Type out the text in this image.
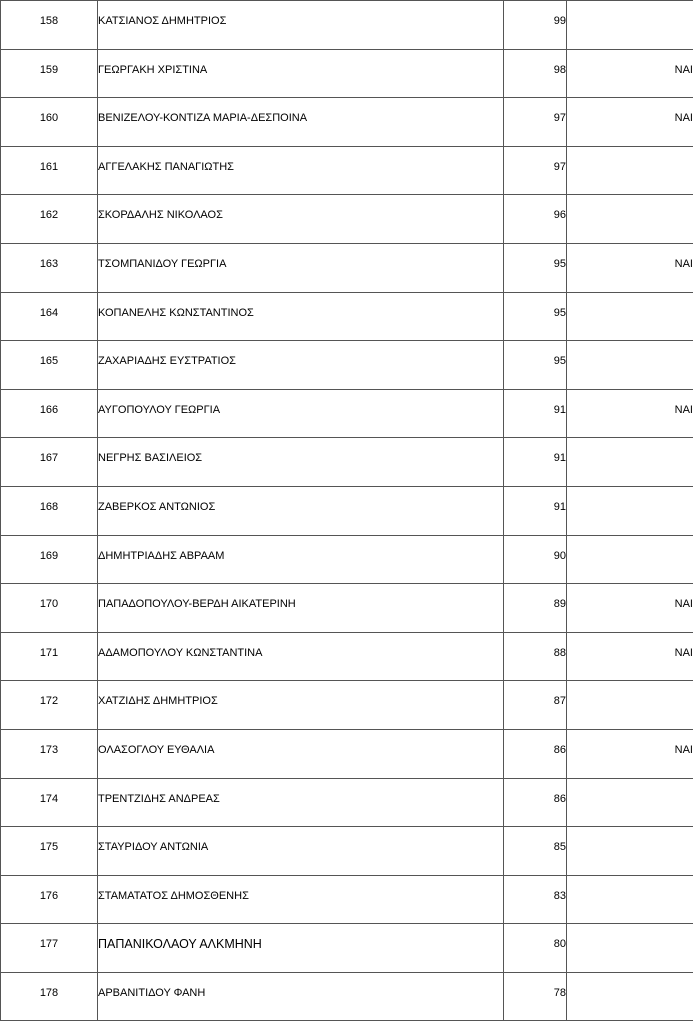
158	ΚΑΤΣΙΑΝΟΣ ΔΗΜΗΤΡΙΟΣ	99	

159	ΓΕΩΡΓΑΚΗ ΧΡΙΣΤΙΝΑ	98	ΝΑΙ

160	ΒΕΝΙΖΕΛΟΥ-ΚΟΝΤΙΖΑ ΜΑΡΙΑ-ΔΕΣΠΟΙΝΑ	97	ΝΑΙ

161	ΑΓΓΕΛΑΚΗΣ ΠΑΝΑΓΙΩΤΗΣ	97	

162	ΣΚΟΡΔΑΛΗΣ ΝΙΚΟΛΑΟΣ	96	

163	ΤΣΟΜΠΑΝΙΔΟΥ ΓΕΩΡΓΙΑ	95	ΝΑΙ

164	ΚΟΠΑΝΕΛΗΣ ΚΩΝΣΤΑΝΤΙΝΟΣ	95	

165	ΖΑΧΑΡΙΑΔΗΣ ΕΥΣΤΡΑΤΙΟΣ	95	

166	ΑΥΓΟΠΟΥΛΟΥ ΓΕΩΡΓΙΑ	91	ΝΑΙ

167	ΝΕΓΡΗΣ ΒΑΣΙΛΕΙΟΣ	91	

168	ΖΑΒΕΡΚΟΣ ΑΝΤΩΝΙΟΣ	91	

169	ΔΗΜΗΤΡΙΑΔΗΣ ΑΒΡΑΑΜ	90	

170	ΠΑΠΑΔΟΠΟΥΛΟΥ-ΒΕΡΔΗ ΑΙΚΑΤΕΡΙΝΗ	89	ΝΑΙ

171	ΑΔΑΜΟΠΟΥΛΟΥ ΚΩΝΣΤΑΝΤΙΝΑ	88	ΝΑΙ

172	ΧΑΤΖΙΔΗΣ ΔΗΜΗΤΡΙΟΣ	87	

173	ΟΛΑΣΟΓΛΟΥ ΕΥΘΑΛΙΑ	86	ΝΑΙ

174	ΤΡΕΝΤΖΙΔΗΣ ΑΝΔΡΕΑΣ	86	

175	ΣΤΑΥΡΙΔΟΥ ΑΝΤΩΝΙΑ	85	

176	ΣΤΑΜΑΤΑΤΟΣ ΔΗΜΟΣΘΕΝΗΣ	83	

177	ΠΑΠΑΝΙΚΟΛΑΟΥ ΑΛΚΜΗΝΗ	80	

178	ΑΡΒΑΝΙΤΙΔΟΥ ΦΑΝΗ	78	
